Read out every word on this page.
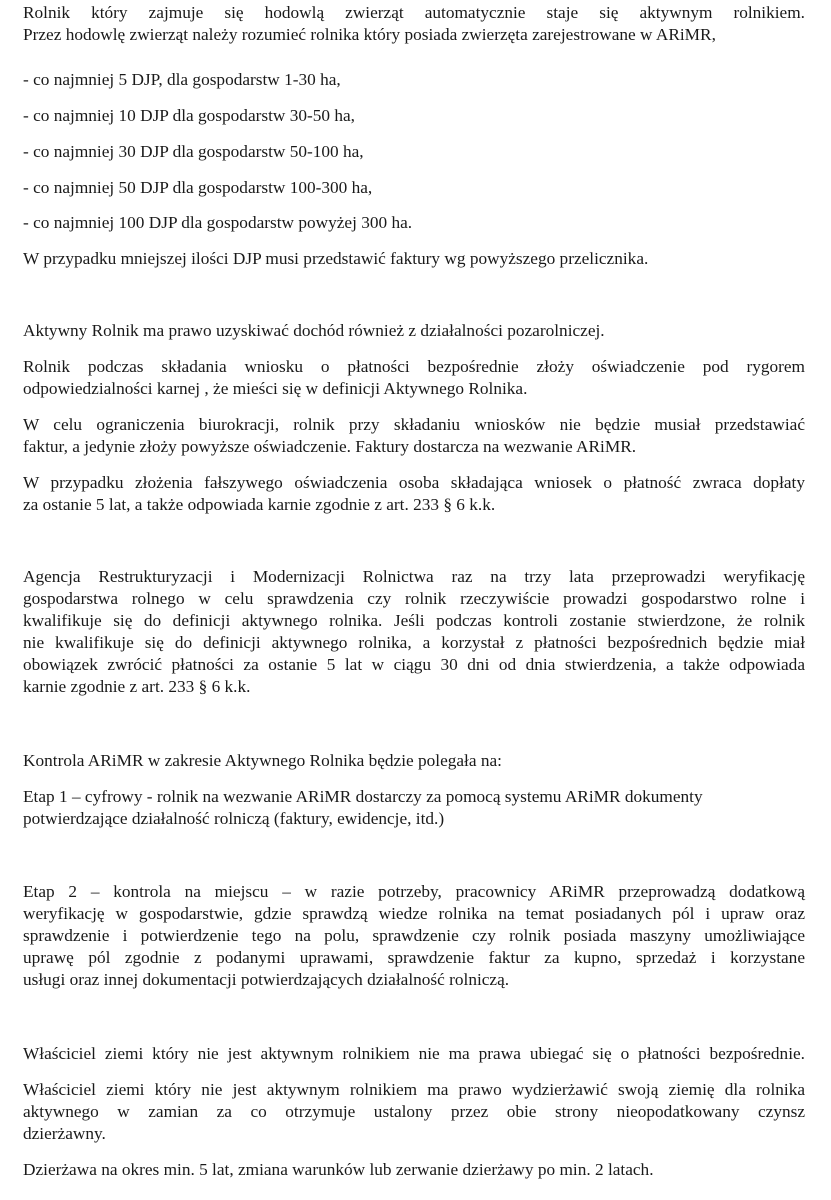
Rolnik który zajmuje się hodowlą zwierząt automatycznie staje się aktywnym rolnikiem.

Przez hodowlę zwierząt należy rozumieć rolnika który posiada zwierzęta zarejestrowane w ARiMR,

- co najmniej 5 DJP, dla gospodarstw 1-30 ha,

- co najmniej 10 DJP dla gospodarstw 30-50 ha,

- co najmniej 30 DJP dla gospodarstw 50-100 ha,

- co najmniej 50 DJP dla gospodarstw 100-300 ha,

- co najmniej 100 DJP dla gospodarstw powyżej 300 ha.

W przypadku mniejszej ilości DJP musi przedstawić faktury wg powyższego przelicznika.

Aktywny Rolnik ma prawo uzyskiwać dochód również z działalności pozarolniczej.

Rolnik podczas składania wniosku o płatności bezpośrednie złoży oświadczenie pod rygorem

odpowiedzialności karnej , że mieści się w definicji Aktywnego Rolnika.

W celu ograniczenia biurokracji, rolnik przy składaniu wniosków nie będzie musiał przedstawiać

faktur, a jedynie złoży powyższe oświadczenie. Faktury dostarcza na wezwanie ARiMR.

W przypadku złożenia fałszywego oświadczenia osoba składająca wniosek o płatność zwraca dopłaty

za ostanie 5 lat, a także odpowiada karnie zgodnie z art. 233 § 6 k.k.

Agencja Restrukturyzacji i Modernizacji Rolnictwa raz na trzy lata przeprowadzi weryfikację

gospodarstwa rolnego w celu sprawdzenia czy rolnik rzeczywiście prowadzi gospodarstwo rolne i

kwalifikuje się do definicji aktywnego rolnika. Jeśli podczas kontroli zostanie stwierdzone, że rolnik

nie kwalifikuje się do definicji aktywnego rolnika, a korzystał z płatności bezpośrednich będzie miał

obowiązek zwrócić płatności za ostanie 5 lat w ciągu 30 dni od dnia stwierdzenia, a także odpowiada

karnie zgodnie z art. 233 § 6 k.k.

Kontrola ARiMR w zakresie Aktywnego Rolnika będzie polegała na:

Etap 1 – cyfrowy - rolnik na wezwanie ARiMR dostarczy za pomocą systemu ARiMR dokumenty

potwierdzające działalność rolniczą (faktury, ewidencje, itd.)

Etap 2 – kontrola na miejscu – w razie potrzeby, pracownicy ARiMR przeprowadzą dodatkową

weryfikację w gospodarstwie, gdzie sprawdzą wiedze rolnika na temat posiadanych pól i upraw oraz

sprawdzenie i potwierdzenie tego na polu, sprawdzenie czy rolnik posiada maszyny umożliwiające

uprawę pól zgodnie z podanymi uprawami, sprawdzenie faktur za kupno, sprzedaż i korzystane

usługi oraz innej dokumentacji potwierdzających działalność rolniczą.

Właściciel ziemi który nie jest aktywnym rolnikiem nie ma prawa ubiegać się o płatności bezpośrednie.

Właściciel ziemi który nie jest aktywnym rolnikiem ma prawo wydzierżawić swoją ziemię dla rolnika

aktywnego w zamian za co otrzymuje ustalony przez obie strony nieopodatkowany czynsz

dzierżawny.

Dzierżawa na okres min. 5 lat, zmiana warunków lub zerwanie dzierżawy po min. 2 latach.
